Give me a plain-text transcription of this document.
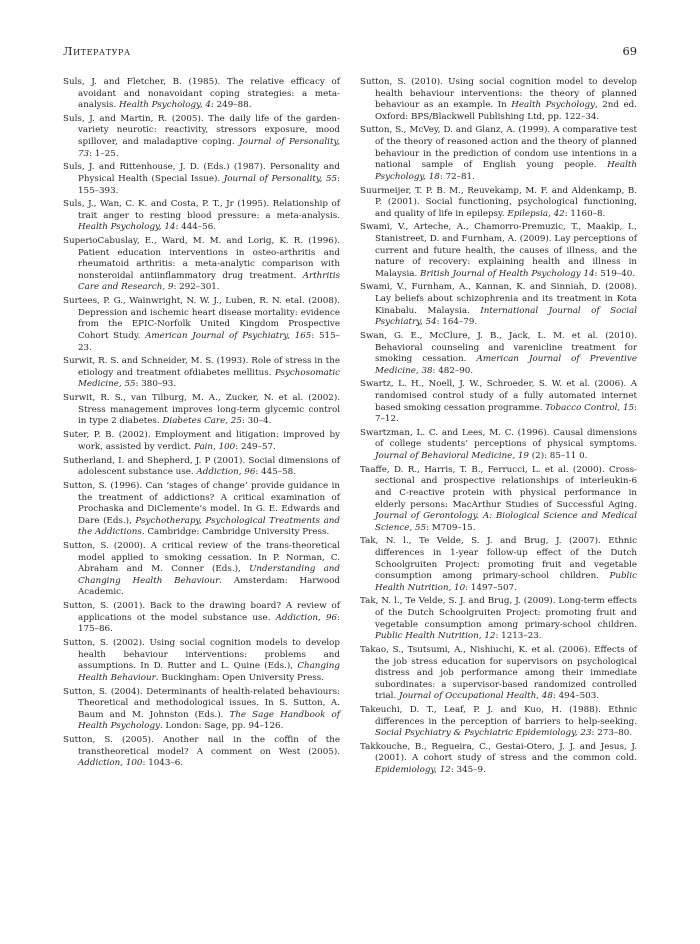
Литература	69

Suls, J. and Fletcher, B. (1985). The relative efficacy of avoidant and nonavoidant coping strategies: a meta-analysis. Health Psychology, 4: 249–88.

Suls, J. and Martin, R. (2005). The daily life of the garden-variety neurotic: reactivity, stressors exposure, mood spillover, and maladaptive coping. Journal of Personality, 73: 1–25.

Suls, J. and Rittenhouse, J. D. (Eds.) (1987). Personality and Physical Health (Special Issue). Journal of Personality, 55: 155–393.

Suls, J., Wan, C. K. and Costa, P. T., Jr (1995). Relationship of trait anger to resting blood pressure: a meta-analysis. Health Psychology, 14: 444–56.

SuperioCabuslay, E., Ward, M. M. and Lorig, K. R. (1996). Patient education interventions in osteo-arthritis and rheumatoid arthritis: a meta-analytic comparison with nonsteroidal antiinflammatory drug treatment. Arthritis Care and Research, 9: 292–301.

Surtees, P. G., Wainwright, N. W. J., Luben, R. N. etal. (2008). Depression and ischemic heart disease mortality: evidence from the EPIC-Norfolk United Kingdom Prospective Cohort Study. American Journal of Psychiatry, 165: 515–23.

Surwit, R. S. and Schneider, M. S. (1993). Role of stress in the etiology and treatment ofdiabetes mellitus. Psychosomatic Medicine, 55: 380–93.

Surwit, R. S., van Tilburg, M. A., Zucker, N. et al. (2002). Stress management improves long-term glycemic control in type 2 diabetes. Diabetes Care, 25: 30–4.

Suter, P. B. (2002). Employment and litigation: improved by work, assisted by verdict. Pain, 100: 249–57.

Sutherland, I. and Shepherd, J. P (2001). Social dimensions of adolescent substance use. Addiction, 96: 445–58.

Sutton, S. (1996). Can ‘stages of change’ provide guidance in the treatment of addictions? A critical examination of Prochaska and DiClemente’s model. In G. E. Edwards and Dare (Eds.), Psychotherapy, Psychological Treatments and the Addictions. Cambridge: Cambridge University Press.

Sutton, S. (2000). A critical review of the trans-theoretical model applied to smoking cessation. In P. Norman, C. Abraham and M. Conner (Eds.), Understanding and Changing Health Behaviour. Amsterdam: Harwood Academic.

Sutton, S. (2001). Back to the drawing board? A review of applications ot the model substance use. Addiction, 96: 175–86.

Sutton, S. (2002). Using social cognition models to develop health behaviour interventions: problems and assumptions. In D. Rutter and L. Quine (Eds.), Changing Health Behaviour. Buckingham: Open University Press.

Sutton, S. (2004). Determinants of health-related behaviours: Theoretical and methodological issues. In S. Sutton, A. Baum and M. Johnston (Eds.). The Sage Handbook of Health Psychology. London: Sage, pp. 94–126.

Sutton, S. (2005). Another nail in the coffin of the transtheoretical model? A comment on West (2005). Addiction, 100: 1043–6.

Sutton, S. (2010). Using social cognition model to develop health behaviour interventions: the theory of planned behaviour as an example. In Health Psychology, 2nd ed. Oxford: BPS/Blackwell Publishing Ltd, pp. 122–34.

Sutton, S., McVey, D. and Glanz, A. (1999). A comparative test of the theory of reasoned action and the theory of planned behaviour in the prediction of condom use intentions in a national sample of English young people. Health Psychology, 18: 72–81.

Suurmeijer, T. P. B. M., Reuvekamp, M. F. and Aldenkamp, B. P. (2001). Social functioning, psychological functioning, and quality of life in epilepsy. Epilepsia, 42: 1160–8.

Swami, V., Arteche, A., Chamorro-Premuzic, T., Maakip, I., Stanistreet, D. and Furnham, A. (2009). Lay perceptions of current and future health, the causes of illness, and the nature of recovery: explaining health and illness in Malaysia. British Journal of Health Psychology 14: 519–40.

Swami, V., Furnham, A., Kannan, K. and Sinniah, D. (2008). Lay beliefs about schizophrenia and its treatment in Kota Kinabalu. Malaysia. International Journal of Social Psychiatry, 54: 164–79.

Swan, G. E., McClure, J. B., Jack, L. M. et al. (2010). Behavioral counseling and varenicline treatment for smoking cessation. American Journal of Preventive Medicine, 38: 482–90.

Swartz, L. H., Noell, J. W., Schroeder, S. W. et al. (2006). A randomised control study of a fully automated internet based smoking cessation programme. Tobacco Control, 15: 7–12.

Swartzman, L. C. and Lees, M. C. (1996). Causal dimensions of college students’ perceptions of physical symptoms. Journal of Behavioral Medicine, 19 (2): 85–11 0.

Taaffe, D. R., Harris, T. B., Ferrucci, L. et al. (2000). Cross-sectional and prospective relationships of interleukin-6 and C-reactive protein with physical performance in elderly persons: MacArthur Studies of Successful Aging. Journal of Gerontology. A: Biological Science and Medical Science, 55: M709–15.

Tak, N. l., Te Velde, S. J. and Brug, J. (2007). Ethnic differences in 1-year follow-up effect of the Dutch Schoolgruiten Project: promoting fruit and vegetable consumption among primary-school children. Public Health Nutrition, 10: 1497–507.

Tak, N. l., Te Velde, S. J. and Brug, J. (2009). Long-term effects of the Dutch Schoolgruiten Project: promoting fruit and vegetable consumption among primary-school children. Public Health Nutrition, 12: 1213–23.

Takao, S., Tsutsumi, A., Nishiuchi, K. et al. (2006). Effects of the job stress education for supervisors on psychological distress and job performance among their immediate subordinates: a supervisor-based randomized controlled trial. Journal of Occupational Health, 48: 494–503.

Takeuchi, D. T., Leaf, P. J. and Kuo, H. (1988). Ethnic differences in the perception of barriers to help-seeking. Social Psychiatry & Psychiatric Epidemiology, 23: 273–80.

Takkouche, B., Regueira, C., Gestai-Otero, J. J. and Jesus, J. (2001). A cohort study of stress and the common cold. Epidemiology, 12: 345–9.
